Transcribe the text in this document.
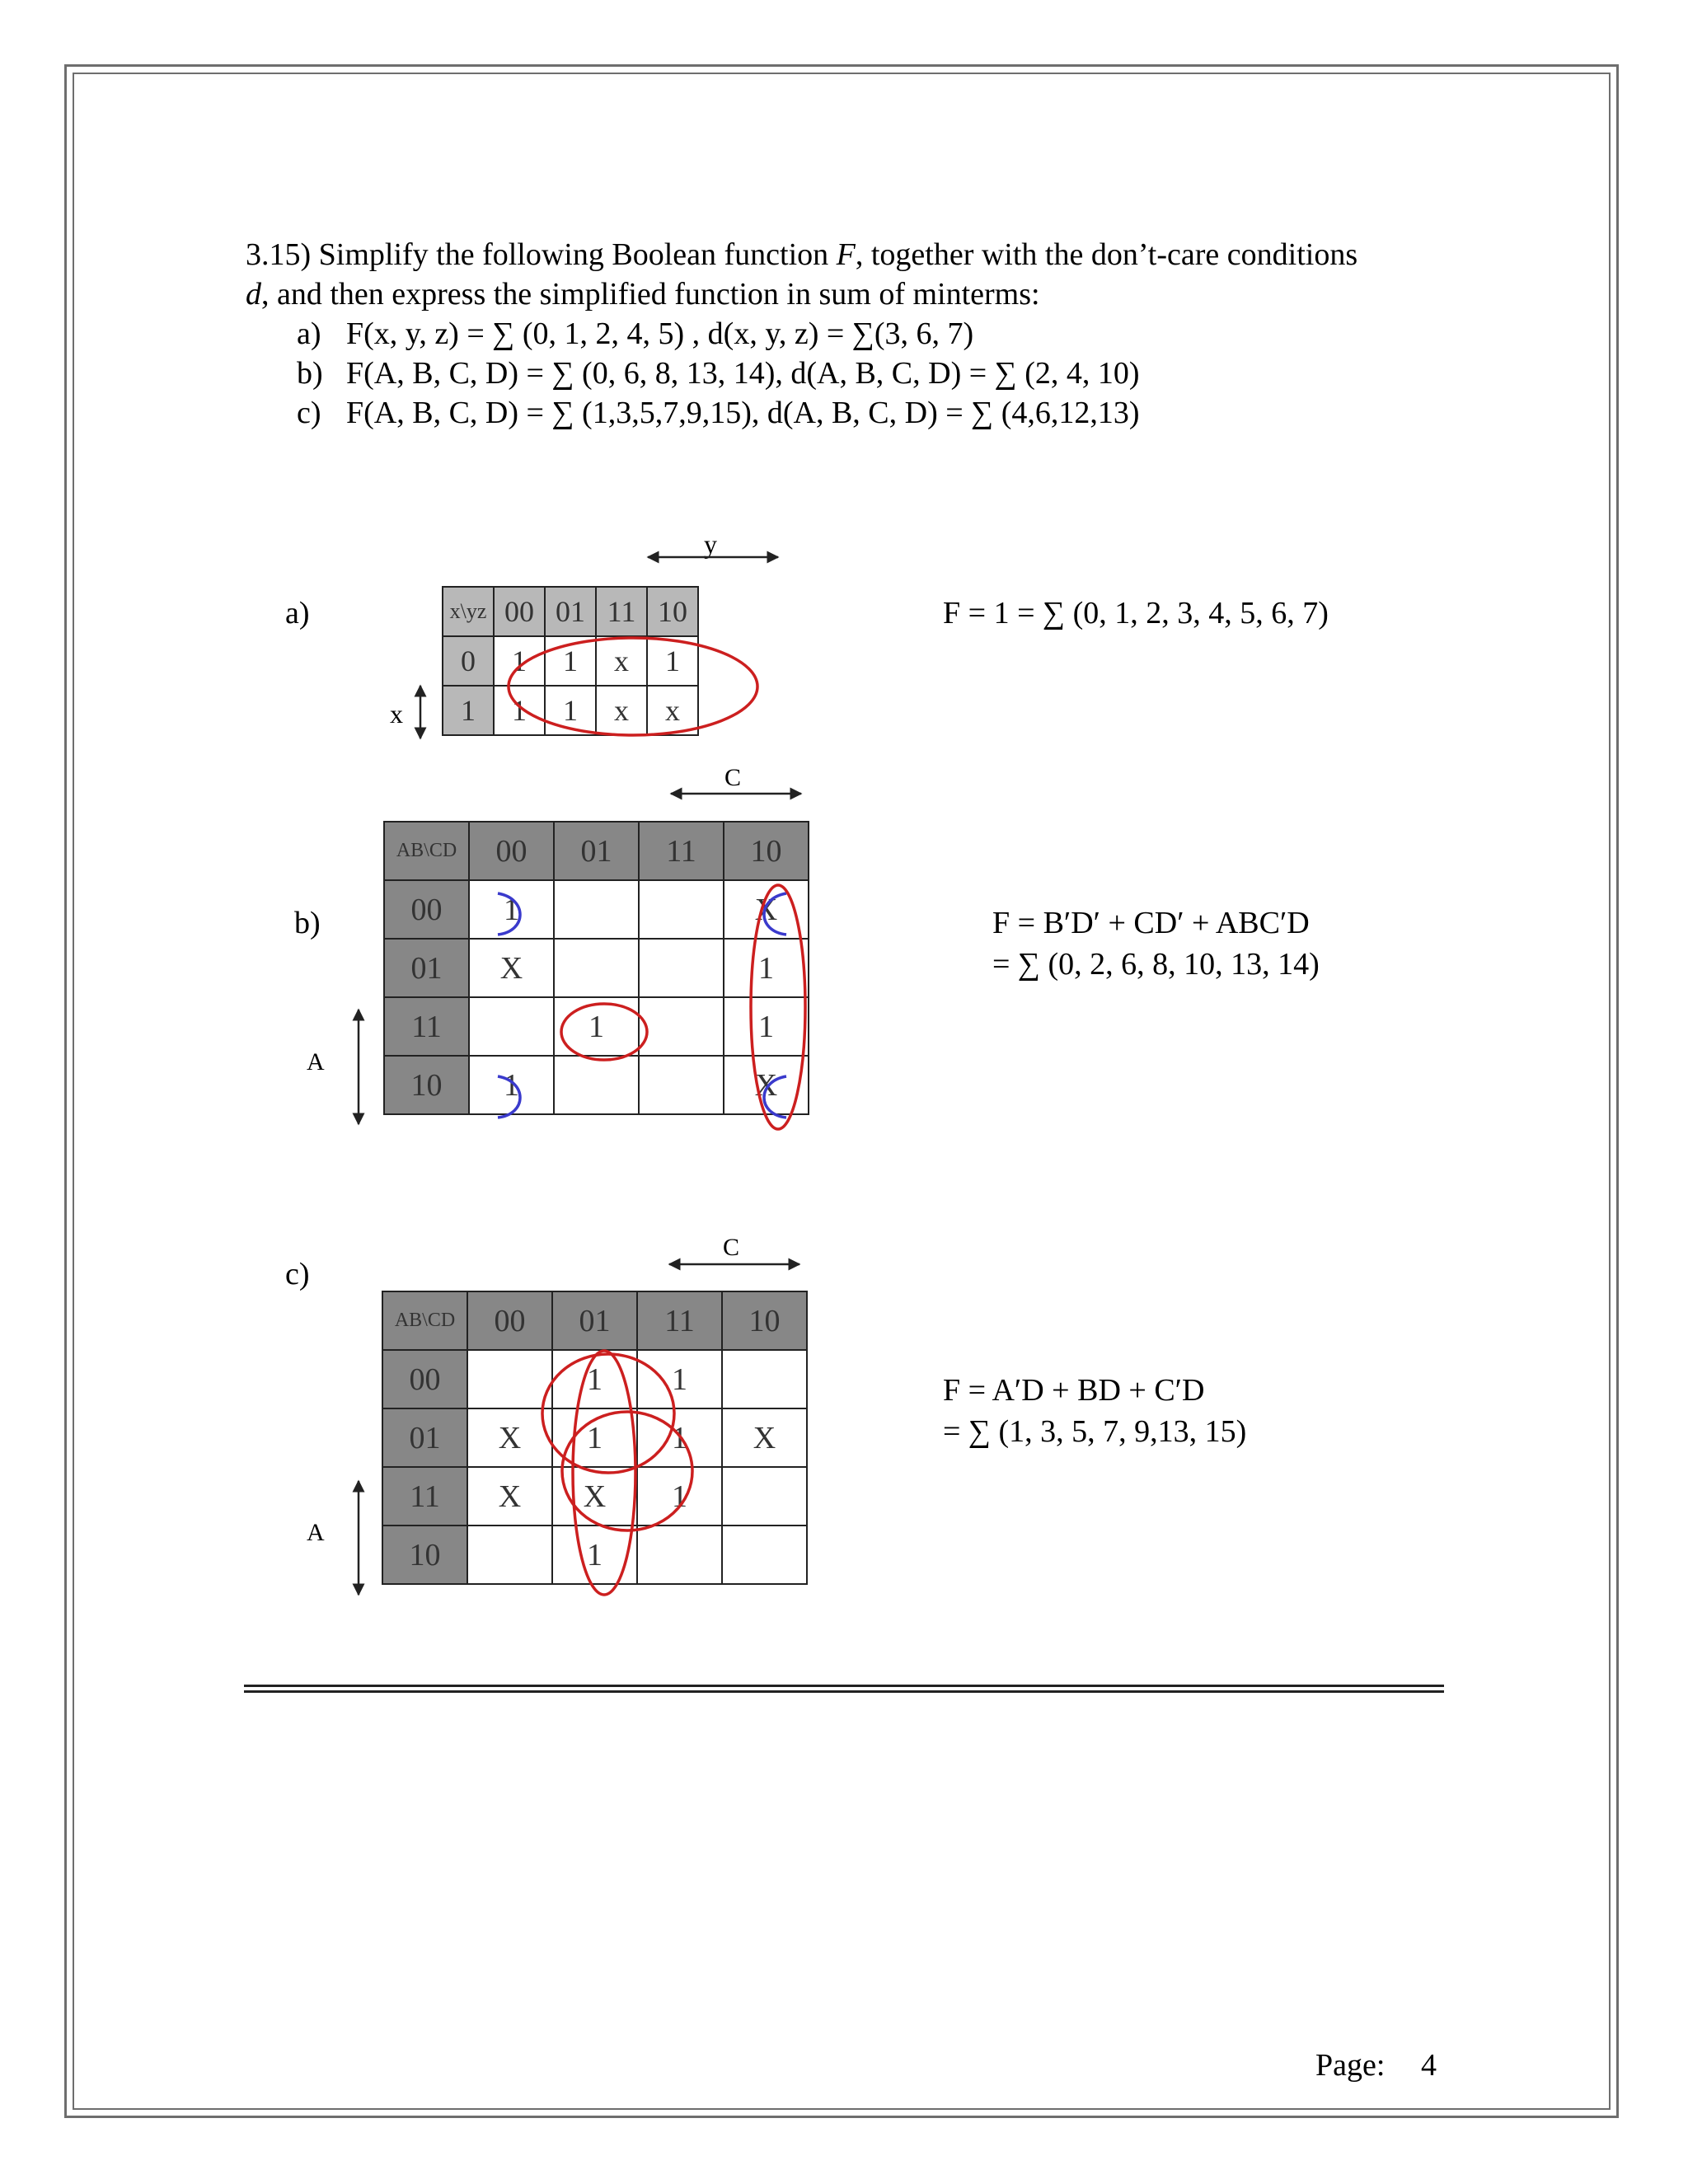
3.15) Simplify the following Boolean function F, together with the don’t-care conditions
d, and then express the simplified function in sum of minterms:
a) F(x, y, z) = ∑ (0, 1, 2, 4, 5) , d(x, y, z) = ∑(3, 6, 7)
b) F(A, B, C, D) = ∑ (0, 6, 8, 13, 14), d(A, B, C, D) = ∑ (2, 4, 10)
c) F(A, B, C, D) = ∑ (1,3,5,7,9,15), d(A, B, C, D) = ∑ (4,6,12,13)
a)
y
x
x\yz	00	01	11	10
0	1	1	x	1
1	1	1	x	x
F = 1 = ∑ (0, 1, 2, 3, 4, 5, 6, 7)
b)
C
A
AB\CD	00	01	11	10
00	1			X
01	X			1
11		1		1
10	1			X
F = B′D′ + CD′ + ABC′D
= ∑ (0, 2, 6, 8, 10, 13, 14)
c)
C
A
AB\CD	00	01	11	10
00		1	1	
01	X	1	1	X
11	X	X	1	
10		1		
F = A′D + BD + C′D
= ∑ (1, 3, 5, 7, 9,13, 15)
Page: 4
